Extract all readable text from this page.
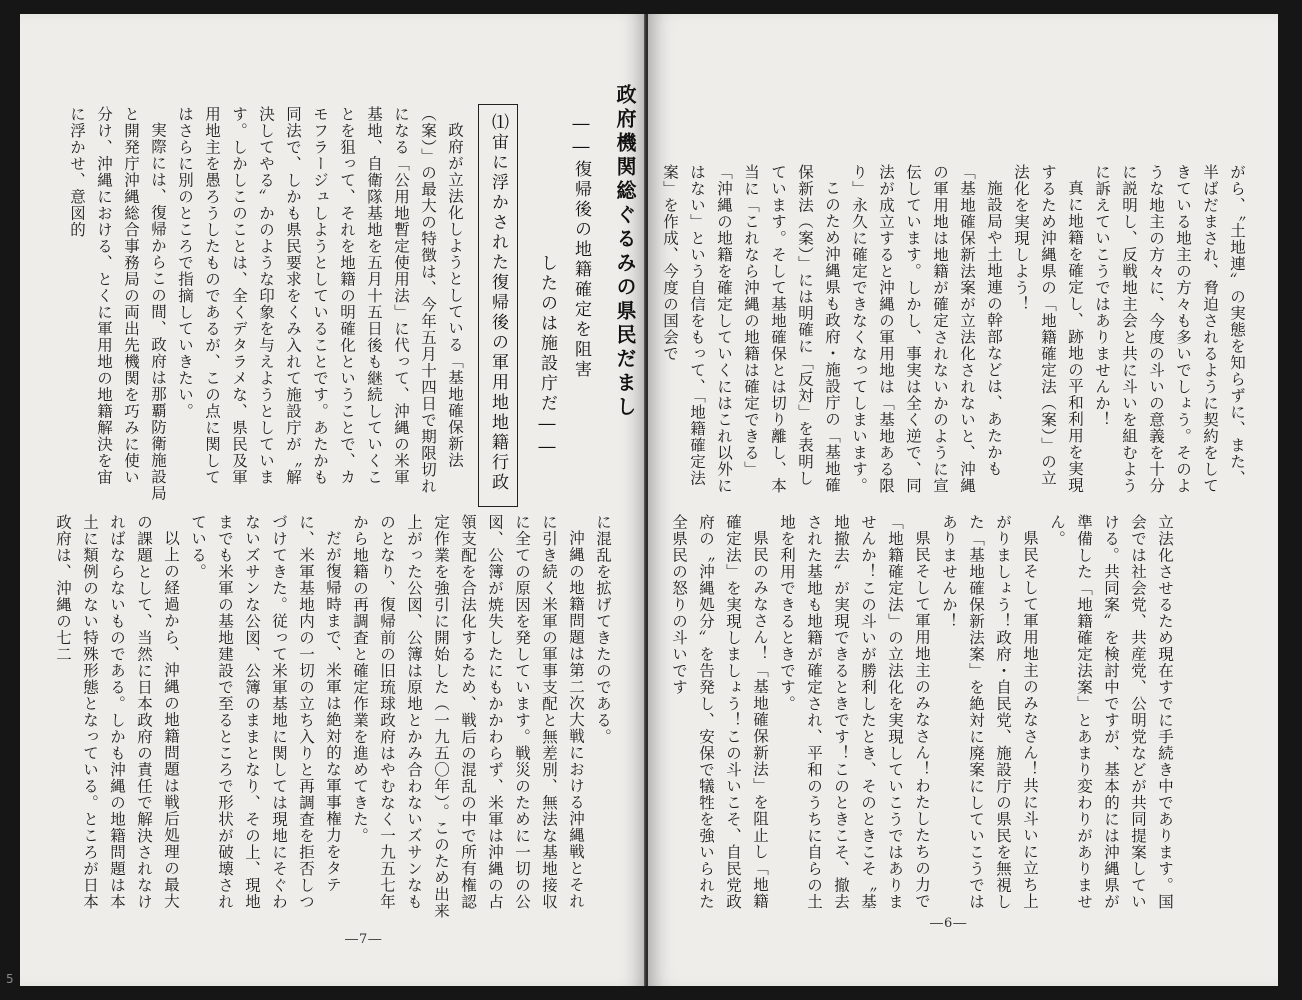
政府機関総ぐるみの県民だまし
――復帰後の地籍確定を阻害
したのは施設庁だ――
⑴宙に浮かされた復帰後の軍用地地籍行政

政府が立法化しようとしている「基地確保新法（案）」の最大の特徴は、今年五月十四日で期限切れになる「公用地暫定使用法」に代って、沖縄の米軍基地、自衛隊基地を五月十五日後も継続していくことを狙って、それを地籍の明確化ということで、カモフラージュしようとしていることです。あたかも同法で、しかも県民要求をくみ入れて施設庁が〝解決してやる〟かのような印象を与えようとしています。しかしこのことは、全くデタラメな、県民及軍用地主を愚ろうしたものであるが、この点に関してはさらに別のところで指摘していきたい。

実際には、復帰からこの間、政府は那覇防衛施設局と開発庁沖縄総合事務局の両出先機関を巧みに使い分け、沖縄における、とくに軍用地の地籍解決を宙に浮かせ、意図的

に混乱を拡げてきたのである。

沖縄の地籍問題は第二次大戦における沖縄戦とそれに引き続く米軍の軍事支配と無差別、無法な基地接収に全ての原因を発しています。戦災のために一切の公図、公簿が焼失したにもかかわらず、米軍は沖縄の占領支配を合法化するため、戦后の混乱の中で所有権認定作業を強引に開始した（一九五〇年）。このため出来上がった公図、公簿は原地とかみ合わないズサンなものとなり、復帰前の旧琉球政府はやむなく一九五七年から地籍の再調査と確定作業を進めてきた。

だが復帰時まで、米軍は絶対的な軍事権力をタテに、米軍基地内の一切の立ち入りと再調査を拒否しつづけてきた。従って米軍基地に関しては現地にそぐわないズサンな公図、公簿のままとなり、その上、現地までも米軍の基地建設で至るところで形状が破壊されている。

以上の経過から、沖縄の地籍問題は戦后処理の最大の課題として、当然に日本政府の責任で解決されなければならないものである。しかも沖縄の地籍問題は本土に類例のない特殊形態となっている。ところが日本政府は、沖縄の七二

―7―
5

がら、〝土地連〟の実態を知らずに、また、半ばだまされ、脅迫されるように契約をしてきている地主の方々も多いでしょう。そのような地主の方々に、今度の斗いの意義を十分に説明し、反戦地主会と共に斗いを組むように訴えていこうではありませんか！

真に地籍を確定し、跡地の平和利用を実現するため沖縄県の「地籍確定法（案）」の立法化を実現しよう！

施設局や土地連の幹部などは、あたかも「基地確保新法案が立法化されないと、沖縄の軍用地は地籍が確定されないかのように宣伝しています。しかし、事実は全く逆で、同法が成立すると沖縄の軍用地は「基地ある限り」永久に確定できなくなってしまいます。

このため沖縄県も政府・施設庁の「基地確保新法（案）」には明確に「反対」を表明しています。そして基地確保とは切り離し、本当に「これなら沖縄の地籍は確定できる」「沖縄の地籍を確定していくにはこれ以外にはない」という自信をもって、「地籍確定法案」を作成、今度の国会で

立法化させるため現在すでに手続き中であります。国会では社会党、共産党、公明党などが共同提案していける。共同案〟を検討中ですが、基本的には沖縄県が準備した「地籍確定法案」とあまり変わりがありません。

県民そして軍用地主のみなさん！共に斗いに立ち上がりましょう！政府・自民党、施設庁の県民を無視した「基地確保新法案」を絶対に廃案にしていこうではありませんか！

県民そして軍用地主のみなさん！わたしたちの力で「地籍確定法」の立法化を実現していこうではありませんか！この斗いが勝利したとき、そのときこそ〝基地撤去〟が実現できるときです！このときこそ、撤去された基地も地籍が確定され、平和のうちに自らの土地を利用できるときです。

県民のみなさん！「基地確保新法」を阻止し「地籍確定法」を実現しましょう！この斗いこそ、自民党政府の〝沖縄処分〟を告発し、安保で犠牲を強いられた全県民の怒りの斗いです

―6―
